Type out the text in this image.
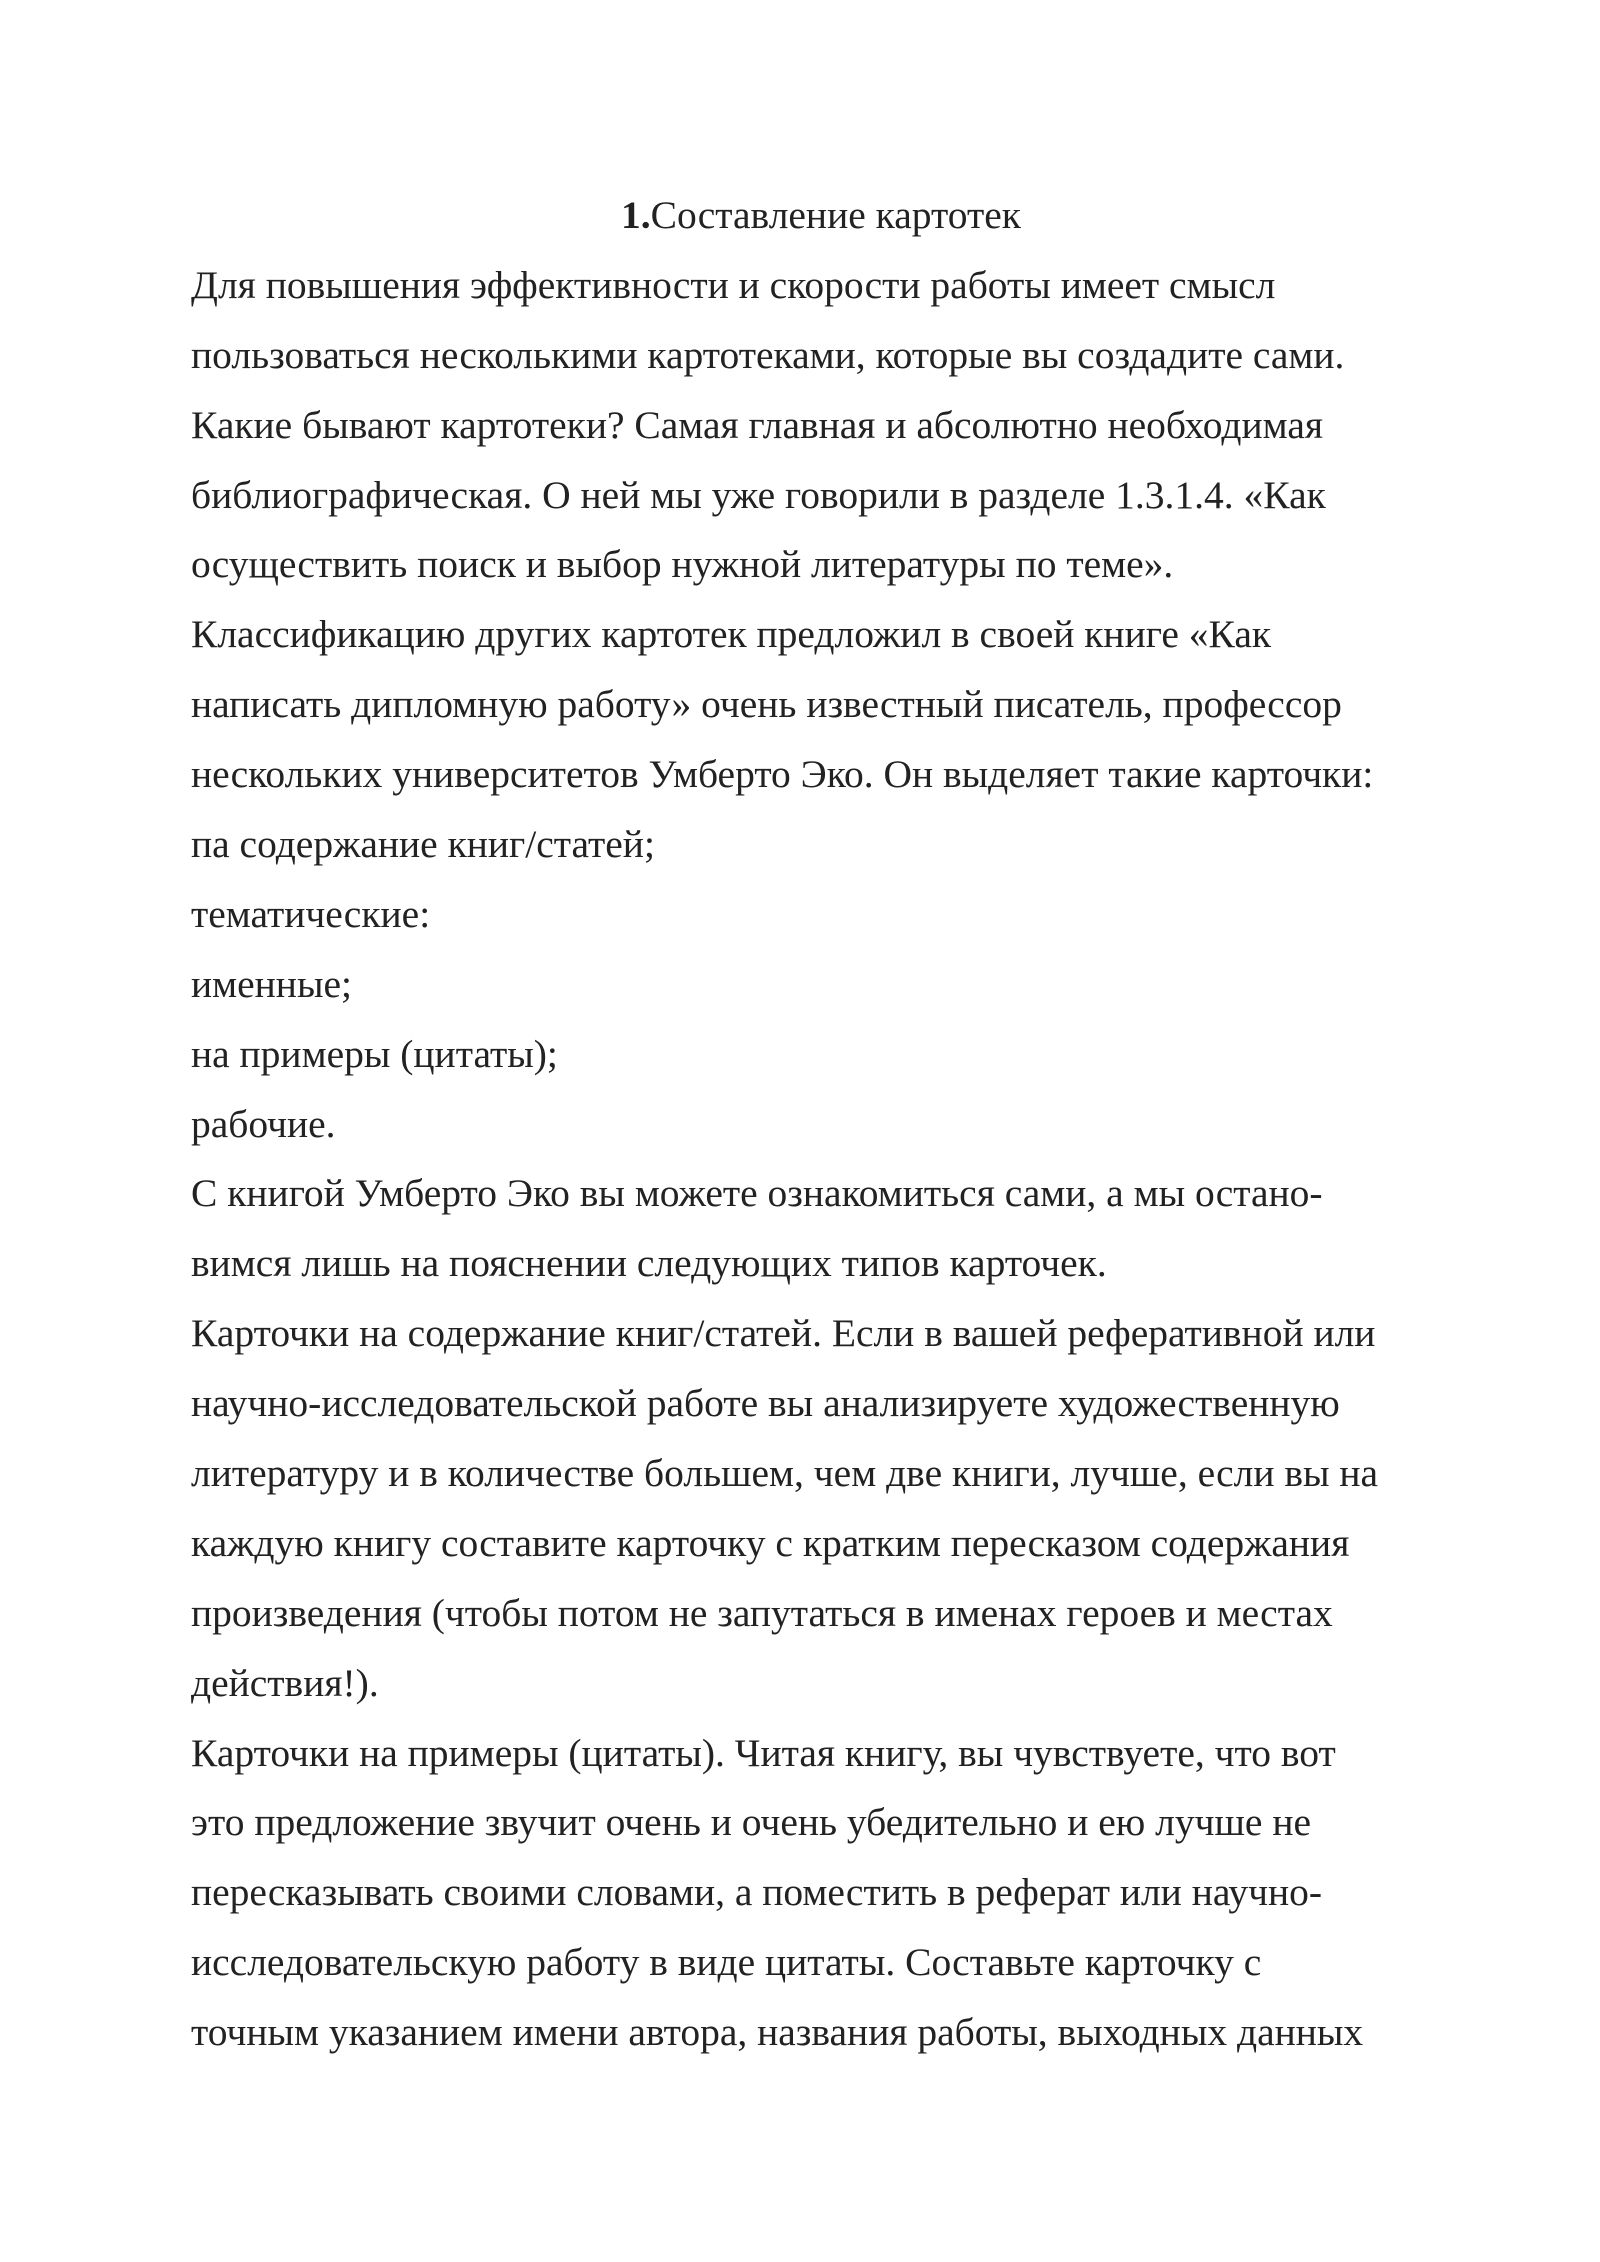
1.Составление картотек
Для повышения эффективности и скорости работы имеет смысл
пользоваться несколькими картотеками, которые вы создадите сами.
Какие бывают картотеки? Самая главная и абсолютно необходимая
библиографическая. О ней мы уже говорили в разделе 1.3.1.4. «Как
осуществить поиск и выбор нужной литературы по теме».
Классификацию других картотек предложил в своей книге «Как
написать дипломную работу» очень известный писатель, профессор
нескольких университетов Умберто Эко. Он выделяет такие карточки:
па содержание книг/статей;
тематические:
именные;
на примеры (цитаты);
рабочие.
С книгой Умберто Эко вы можете ознакомиться сами, а мы остано-
вимся лишь на пояснении следующих типов карточек.
Карточки на содержание книг/статей. Если в вашей реферативной или
научно-исследовательской работе вы анализируете художественную
литературу и в количестве большем, чем две книги, лучше, если вы на
каждую книгу составите карточку с кратким пересказом содержания
произведения (чтобы потом не запутаться в именах героев и местах
действия!).
Карточки на примеры (цитаты). Читая книгу, вы чувствуете, что вот
это предложение звучит очень и очень убедительно и ею лучше не
пересказывать своими словами, а поместить в реферат или научно-
исследовательскую работу в виде цитаты. Составьте карточку с
точным указанием имени автора, названия работы, выходных данных
